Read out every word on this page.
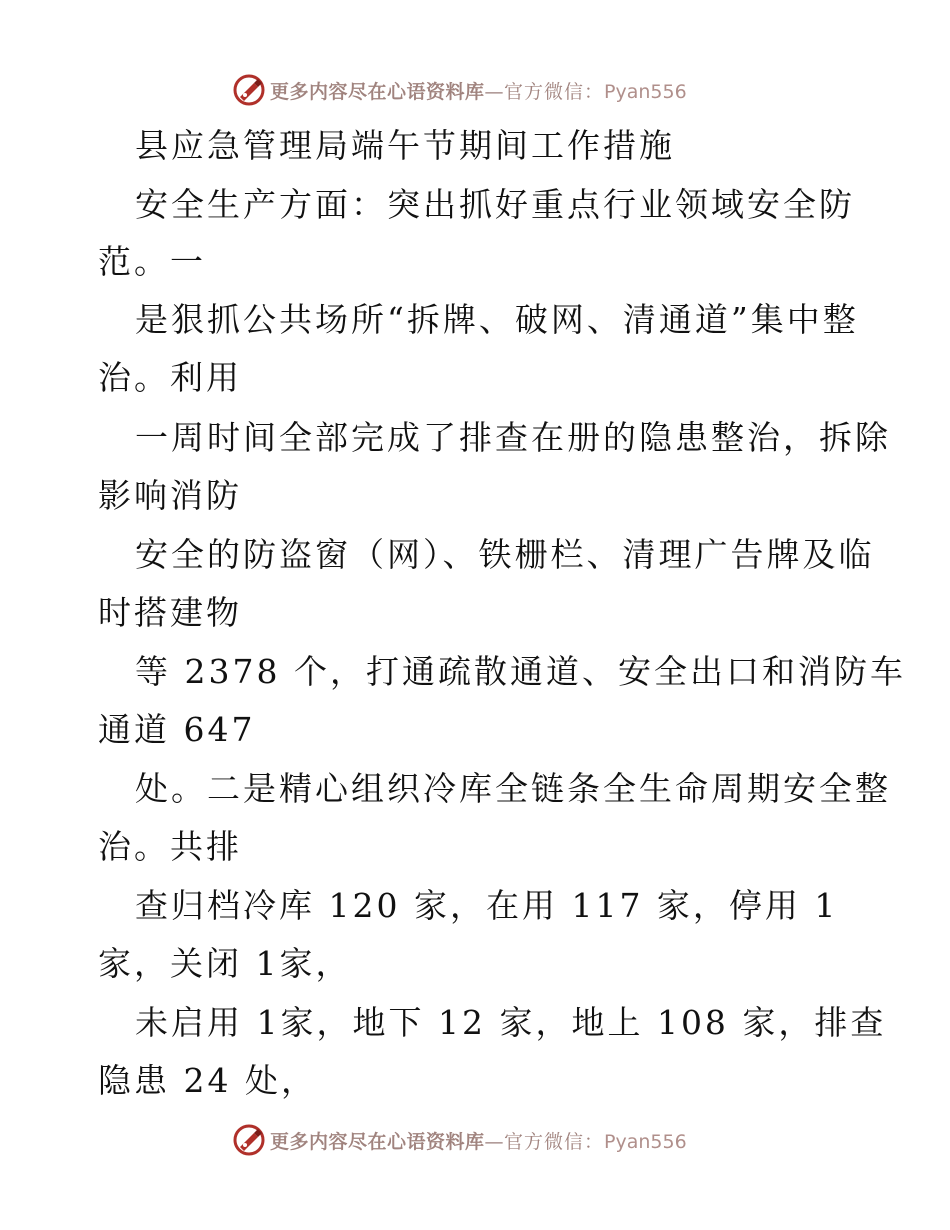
更多内容尽在心语资料库—官方微信：Pyan556
县应急管理局端午节期间工作措施
安全生产方面：突出抓好重点行业领域安全防
范。一
是狠抓公共场所“拆牌、破网、清通道”集中整
治。利用
一周时间全部完成了排查在册的隐患整治，拆除
影响消防
安全的防盗窗（网）、铁栅栏、清理广告牌及临
时搭建物
等 2378 个，打通疏散通道、安全出口和消防车
通道 647
处。二是精心组织冷库全链条全生命周期安全整
治。共排
查归档冷库 120 家，在用 117 家，停用 1
家，关闭 1家，
未启用 1家，地下 12 家，地上 108 家，排查
隐患 24 处，
更多内容尽在心语资料库—官方微信：Pyan556
